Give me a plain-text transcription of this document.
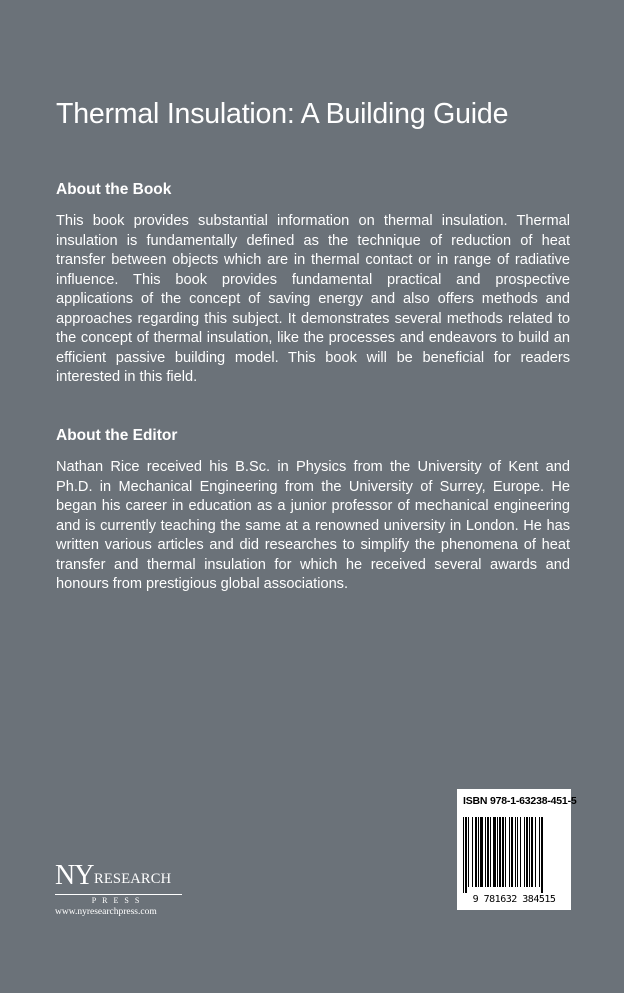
Thermal Insulation: A Building Guide
About the Book

This book provides substantial information on thermal insulation. Thermal insulation is fundamentally defined as the technique of reduction of heat transfer between objects which are in thermal contact or in range of radiative influence. This book provides fundamental practical and prospective applications of the concept of saving energy and also offers methods and approaches regarding this subject. It demonstrates several methods related to the concept of thermal insulation, like the processes and endeavors to build an efficient passive building model. This book will be beneficial for readers interested in this field.

About the Editor

Nathan Rice received his B.Sc. in Physics from the University of Kent and Ph.D. in Mechanical Engineering from the University of Surrey, Europe. He began his career in education as a junior professor of mechanical engineering and is currently teaching the same at a renowned university in London. He has written various articles and did researches to simplify the phenomena of heat transfer and thermal insulation for which he received several awards and honours from prestigious global associations.

ISBN 978-1-63238-451-5
9 781632 384515
NY RESEARCH
PRESS
www.nyresearchpress.com
